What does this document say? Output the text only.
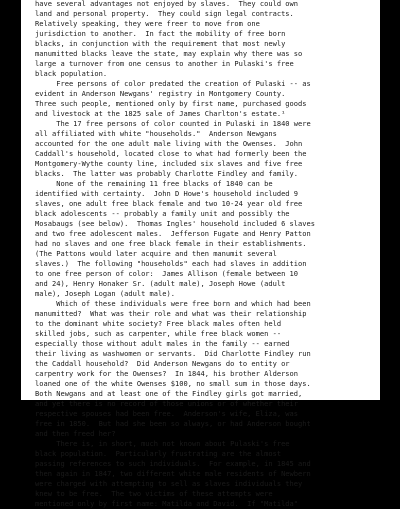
have several advantages not enjoyed by slaves.  They could own
land and personal property.  They could sign legal contracts.
Relatively speaking, they were freer to move from one
jurisdiction to another.  In fact the mobility of free born
blacks, in conjunction with the requirement that most newly
manumitted blacks leave the state, may explain why there was so
large a turnover from one census to another in Pulaski's free
black population.
Free persons of color predated the creation of Pulaski -- as
evident in Anderson Newgans' registry in Montgomery County.
Three such people, mentioned only by first name, purchased goods
and livestock at the 1825 sale of James Charlton's estate.¹
The 17 free persons of color counted in Pulaski in 1840 were
all affiliated with white "households."  Anderson Newgans
accounted for the one adult male living with the Owenses.  John
Caddall's household, located close to what had formerly been the
Montgomery-Wythe county line, included six slaves and five free
blacks.  The latter was probably Charlotte Findley and family.
None of the remaining 11 free blacks of 1840 can be
identified with certainty.  John D Howe's household included 9
slaves, one adult free black female and two 10-24 year old free
black adolescents -- probably a family unit and possibly the
Mosabaugs (see below).  Thomas Ingles' household included 6 slaves
and two free adolescent males.  Jefferson Fugate and Henry Patton
had no slaves and one free black female in their establishments.
(The Pattons would later acquire and then manumit several
slaves.)  The following "households" each had slaves in addition
to one free person of color:  James Allison (female between 10
and 24), Henry Honaker Sr. (adult male), Joseph Howe (adult
male), Joseph Logan (adult male).
Which of these individuals were free born and which had been
manumitted?  What was their role and what was their relationship
to the dominant white society? Free black males often held
skilled jobs, such as carpenter, while free black women --
especially those without adult males in the family -- earned
their living as washwomen or servants.  Did Charlotte Findley run
the Caddall household?  Did Anderson Newgans do to entity or
carpentry work for the Owenses?  In 1844, his brother Alderson
loaned one of the white Owenses $100, no small sum in those days.
Both Newgans and at least one of the Findley girls got married,
and yet there is no record of those unions or of whether their
respective spouses had been free.  Anderson's wife, Eliza, was
free in 1850.  But had she been so always, or had Anderson bought
and then freed her?
There is, in short, much not known about Pulaski's free
black population.  Particularly frustrating are the almost
passing references to such individuals.  For example, in 1845 and
then again in 1847, two different white male residents of Newbern
were charged with attempting to sell as slaves individuals they
knew to be free.  The two victims of these attempts were
mentioned only by first name: Matilda and David.  If "Matilda"
